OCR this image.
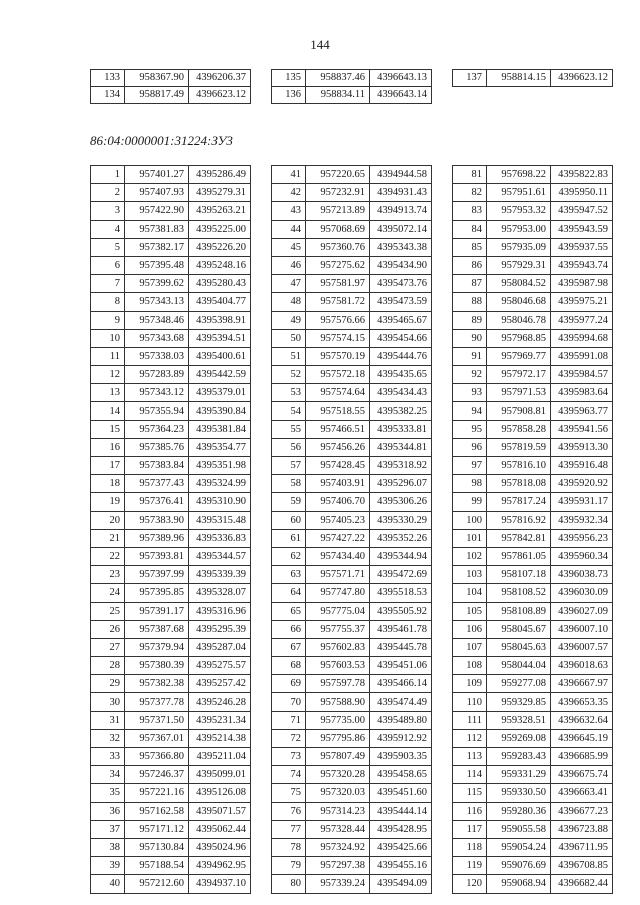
144
133	958367.90	4396206.37
134	958817.49	4396623.12
135	958837.46	4396643.13
136	958834.11	4396643.14
137	958814.15	4396623.12
86:04:0000001:31224:ЗУ3
1	957401.27	4395286.49
2	957407.93	4395279.31
3	957422.90	4395263.21
4	957381.83	4395225.00
5	957382.17	4395226.20
6	957395.48	4395248.16
7	957399.62	4395280.43
8	957343.13	4395404.77
9	957348.46	4395398.91
10	957343.68	4395394.51
11	957338.03	4395400.61
12	957283.89	4395442.59
13	957343.12	4395379.01
14	957355.94	4395390.84
15	957364.23	4395381.84
16	957385.76	4395354.77
17	957383.84	4395351.98
18	957377.43	4395324.99
19	957376.41	4395310.90
20	957383.90	4395315.48
21	957389.96	4395336.83
22	957393.81	4395344.57
23	957397.99	4395339.39
24	957395.85	4395328.07
25	957391.17	4395316.96
26	957387.68	4395295.39
27	957379.94	4395287.04
28	957380.39	4395275.57
29	957382.38	4395257.42
30	957377.78	4395246.28
31	957371.50	4395231.34
32	957367.01	4395214.38
33	957366.80	4395211.04
34	957246.37	4395099.01
35	957221.16	4395126.08
36	957162.58	4395071.57
37	957171.12	4395062.44
38	957130.84	4395024.96
39	957188.54	4394962.95
40	957212.60	4394937.10
41	957220.65	4394944.58
42	957232.91	4394931.43
43	957213.89	4394913.74
44	957068.69	4395072.14
45	957360.76	4395343.38
46	957275.62	4395434.90
47	957581.97	4395473.76
48	957581.72	4395473.59
49	957576.66	4395465.67
50	957574.15	4395454.66
51	957570.19	4395444.76
52	957572.18	4395435.65
53	957574.64	4395434.43
54	957518.55	4395382.25
55	957466.51	4395333.81
56	957456.26	4395344.81
57	957428.45	4395318.92
58	957403.91	4395296.07
59	957406.70	4395306.26
60	957405.23	4395330.29
61	957427.22	4395352.26
62	957434.40	4395344.94
63	957571.71	4395472.69
64	957747.80	4395518.53
65	957775.04	4395505.92
66	957755.37	4395461.78
67	957602.83	4395445.78
68	957603.53	4395451.06
69	957597.78	4395466.14
70	957588.90	4395474.49
71	957735.00	4395489.80
72	957795.86	4395912.92
73	957807.49	4395903.35
74	957320.28	4395458.65
75	957320.03	4395451.60
76	957314.23	4395444.14
77	957328.44	4395428.95
78	957324.92	4395425.66
79	957297.38	4395455.16
80	957339.24	4395494.09
81	957698.22	4395822.83
82	957951.61	4395950.11
83	957953.32	4395947.52
84	957953.00	4395943.59
85	957935.09	4395937.55
86	957929.31	4395943.74
87	958084.52	4395987.98
88	958046.68	4395975.21
89	958046.78	4395977.24
90	957968.85	4395994.68
91	957969.77	4395991.08
92	957972.17	4395984.57
93	957971.53	4395983.64
94	957908.81	4395963.77
95	957858.28	4395941.56
96	957819.59	4395913.30
97	957816.10	4395916.48
98	957818.08	4395920.92
99	957817.24	4395931.17
100	957816.92	4395932.34
101	957842.81	4395956.23
102	957861.05	4395960.34
103	958107.18	4396038.73
104	958108.52	4396030.09
105	958108.89	4396027.09
106	958045.67	4396007.10
107	958045.63	4396007.57
108	958044.04	4396018.63
109	959277.08	4396667.97
110	959329.85	4396653.35
111	959328.51	4396632.64
112	959269.08	4396645.19
113	959283.43	4396685.99
114	959331.29	4396675.74
115	959330.50	4396663.41
116	959280.36	4396677.23
117	959055.58	4396723.88
118	959054.24	4396711.95
119	959076.69	4396708.85
120	959068.94	4396682.44
